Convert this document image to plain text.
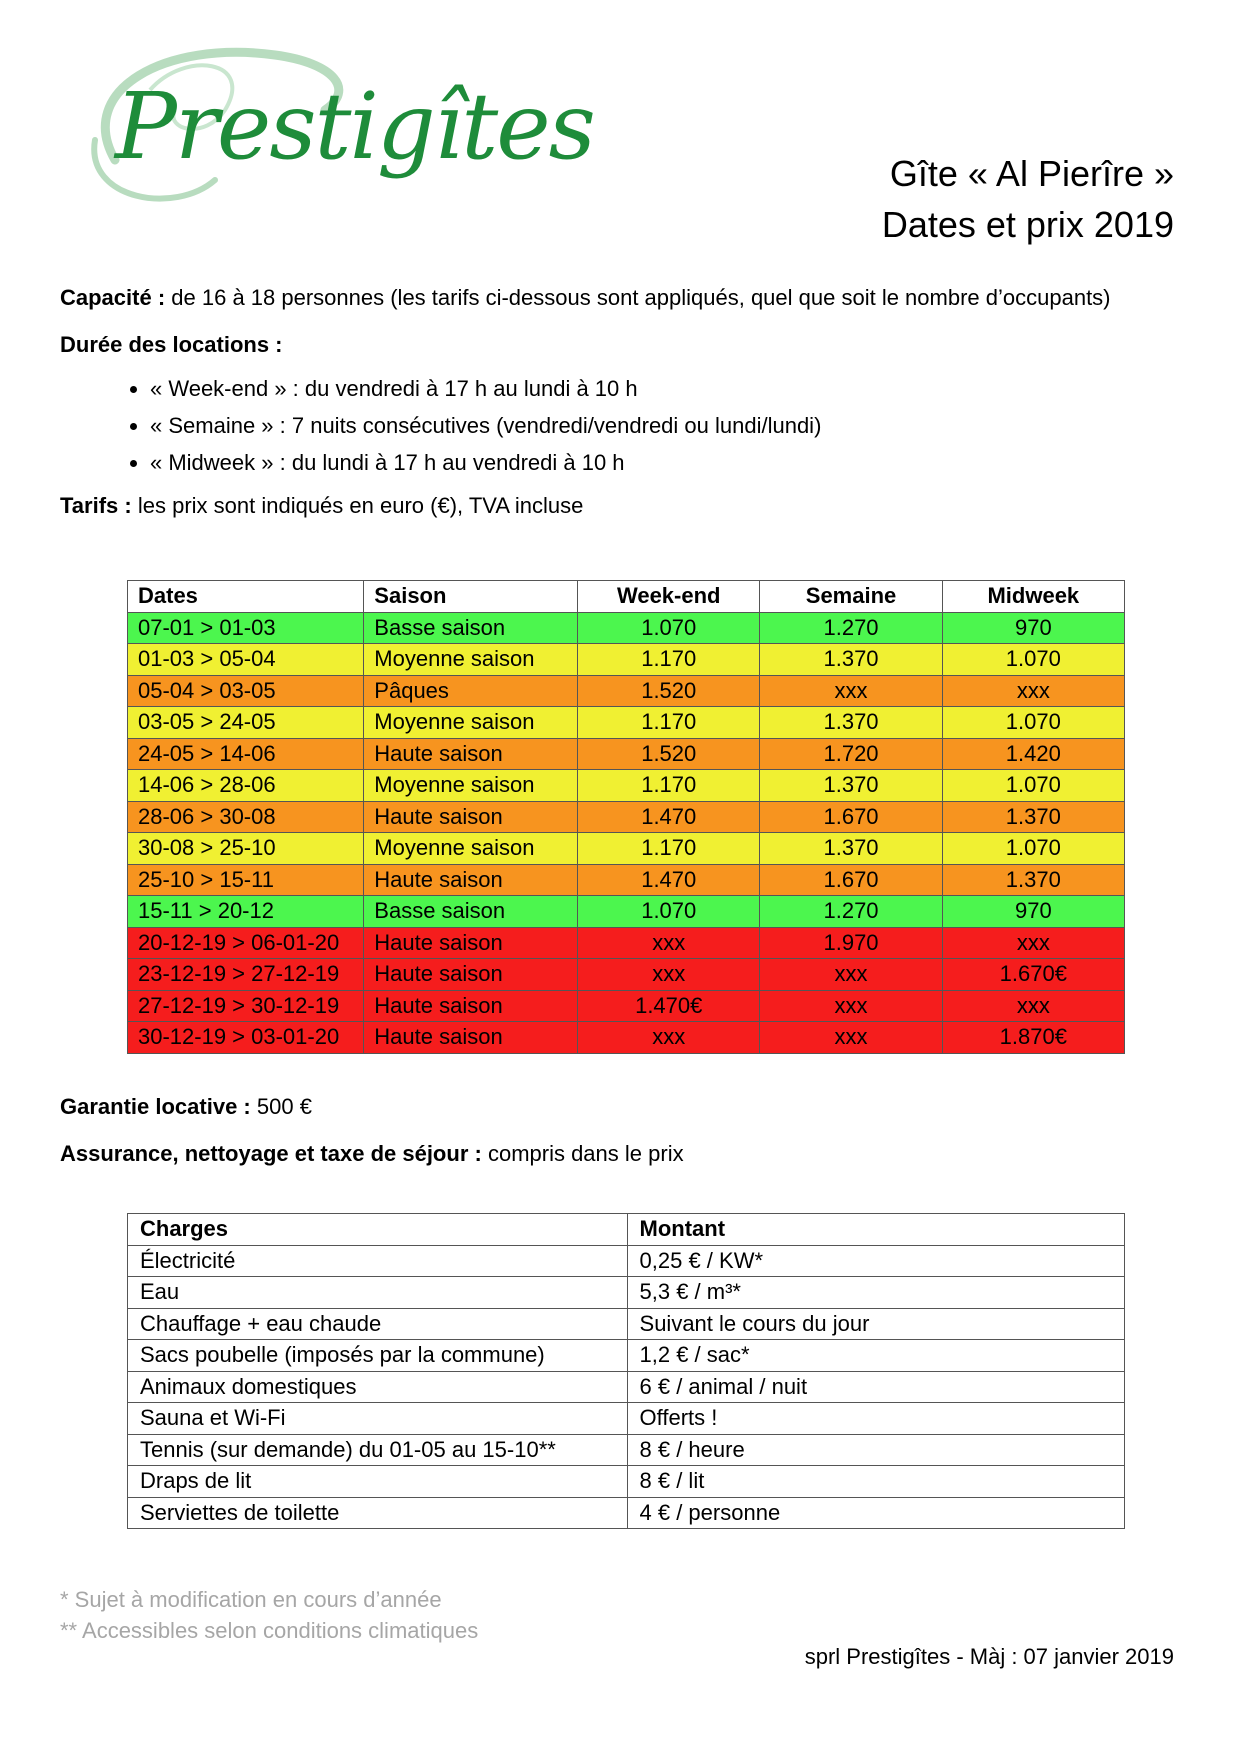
Prestigîtes	Gîte « Al Pierîre »
Dates et prix 2019

Capacité : de 16 à 18 personnes (les tarifs ci-dessous sont appliqués, quel que soit le nombre d’occupants)

Durée des locations :

• « Week-end » : du vendredi à 17 h au lundi à 10 h
• « Semaine » : 7 nuits consécutives (vendredi/vendredi ou lundi/lundi)
• « Midweek » : du lundi à 17 h au vendredi à 10 h

Tarifs : les prix sont indiqués en euro (€), TVA incluse

Dates	Saison	Week-end	Semaine	Midweek
07-01 > 01-03	Basse saison	1.070	1.270	970
01-03 > 05-04	Moyenne saison	1.170	1.370	1.070
05-04 > 03-05	Pâques	1.520	xxx	xxx
03-05 > 24-05	Moyenne saison	1.170	1.370	1.070
24-05 > 14-06	Haute saison	1.520	1.720	1.420
14-06 > 28-06	Moyenne saison	1.170	1.370	1.070
28-06 > 30-08	Haute saison	1.470	1.670	1.370
30-08 > 25-10	Moyenne saison	1.170	1.370	1.070
25-10 > 15-11	Haute saison	1.470	1.670	1.370
15-11 > 20-12	Basse saison	1.070	1.270	970
20-12-19 > 06-01-20	Haute saison	xxx	1.970	xxx
23-12-19 > 27-12-19	Haute saison	xxx	xxx	1.670€
27-12-19 > 30-12-19	Haute saison	1.470€	xxx	xxx
30-12-19 > 03-01-20	Haute saison	xxx	xxx	1.870€

Garantie locative : 500 €

Assurance, nettoyage et taxe de séjour : compris dans le prix

Charges	Montant
Électricité	0,25 € / KW*
Eau	5,3 € / m³*
Chauffage + eau chaude	Suivant le cours du jour
Sacs poubelle (imposés par la commune)	1,2 € / sac*
Animaux domestiques	6 € / animal / nuit
Sauna et Wi-Fi	Offerts !
Tennis (sur demande) du 01-05 au 15-10**	8 € / heure
Draps de lit	8 € / lit
Serviettes de toilette	4 € / personne
* Sujet à modification en cours d’année
** Accessibles selon conditions climatiques
sprl Prestigîtes - Màj : 07 janvier 2019
